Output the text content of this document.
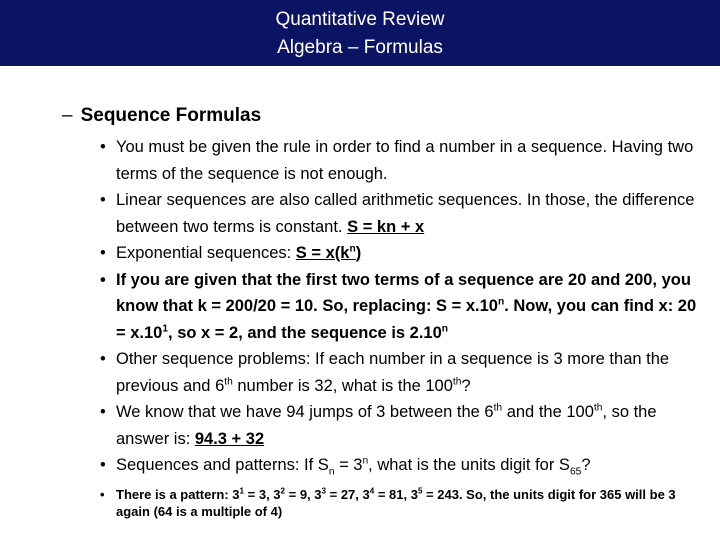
Quantitative Review
Algebra – Formulas
– Sequence Formulas
• You must be given the rule in order to find a number in a sequence. Having two terms of the sequence is not enough.
• Linear sequences are also called arithmetic sequences. In those, the difference between two terms is constant. S = kn + x
• Exponential sequences: $S = x(k^n)$
• If you are given that the first two terms of a sequence are 20 and 200, you know that k = 200/20 = 10. So, replacing: $S = x.10^n$. Now, you can find x: $20 = x.10^1$, so x = 2, and the sequence is 2.10$^n$
• Other sequence problems: If each number in a sequence is 3 more than the previous and 6th number is 32, what is the 100th?
• We know that we have 94 jumps of 3 between the 6th and the 100th, so the answer is: 94.3 + 32
• Sequences and patterns: If $S_n = 3^n$, what is the units digit for $S_{65}$?
• There is a pattern: $3^1 = 3$, $3^2 = 9$, $3^3 = 27$, $3^4 = 81$, $3^5 = 243$. So, the units digit for 365 will be 3 again (64 is a multiple of 4)
